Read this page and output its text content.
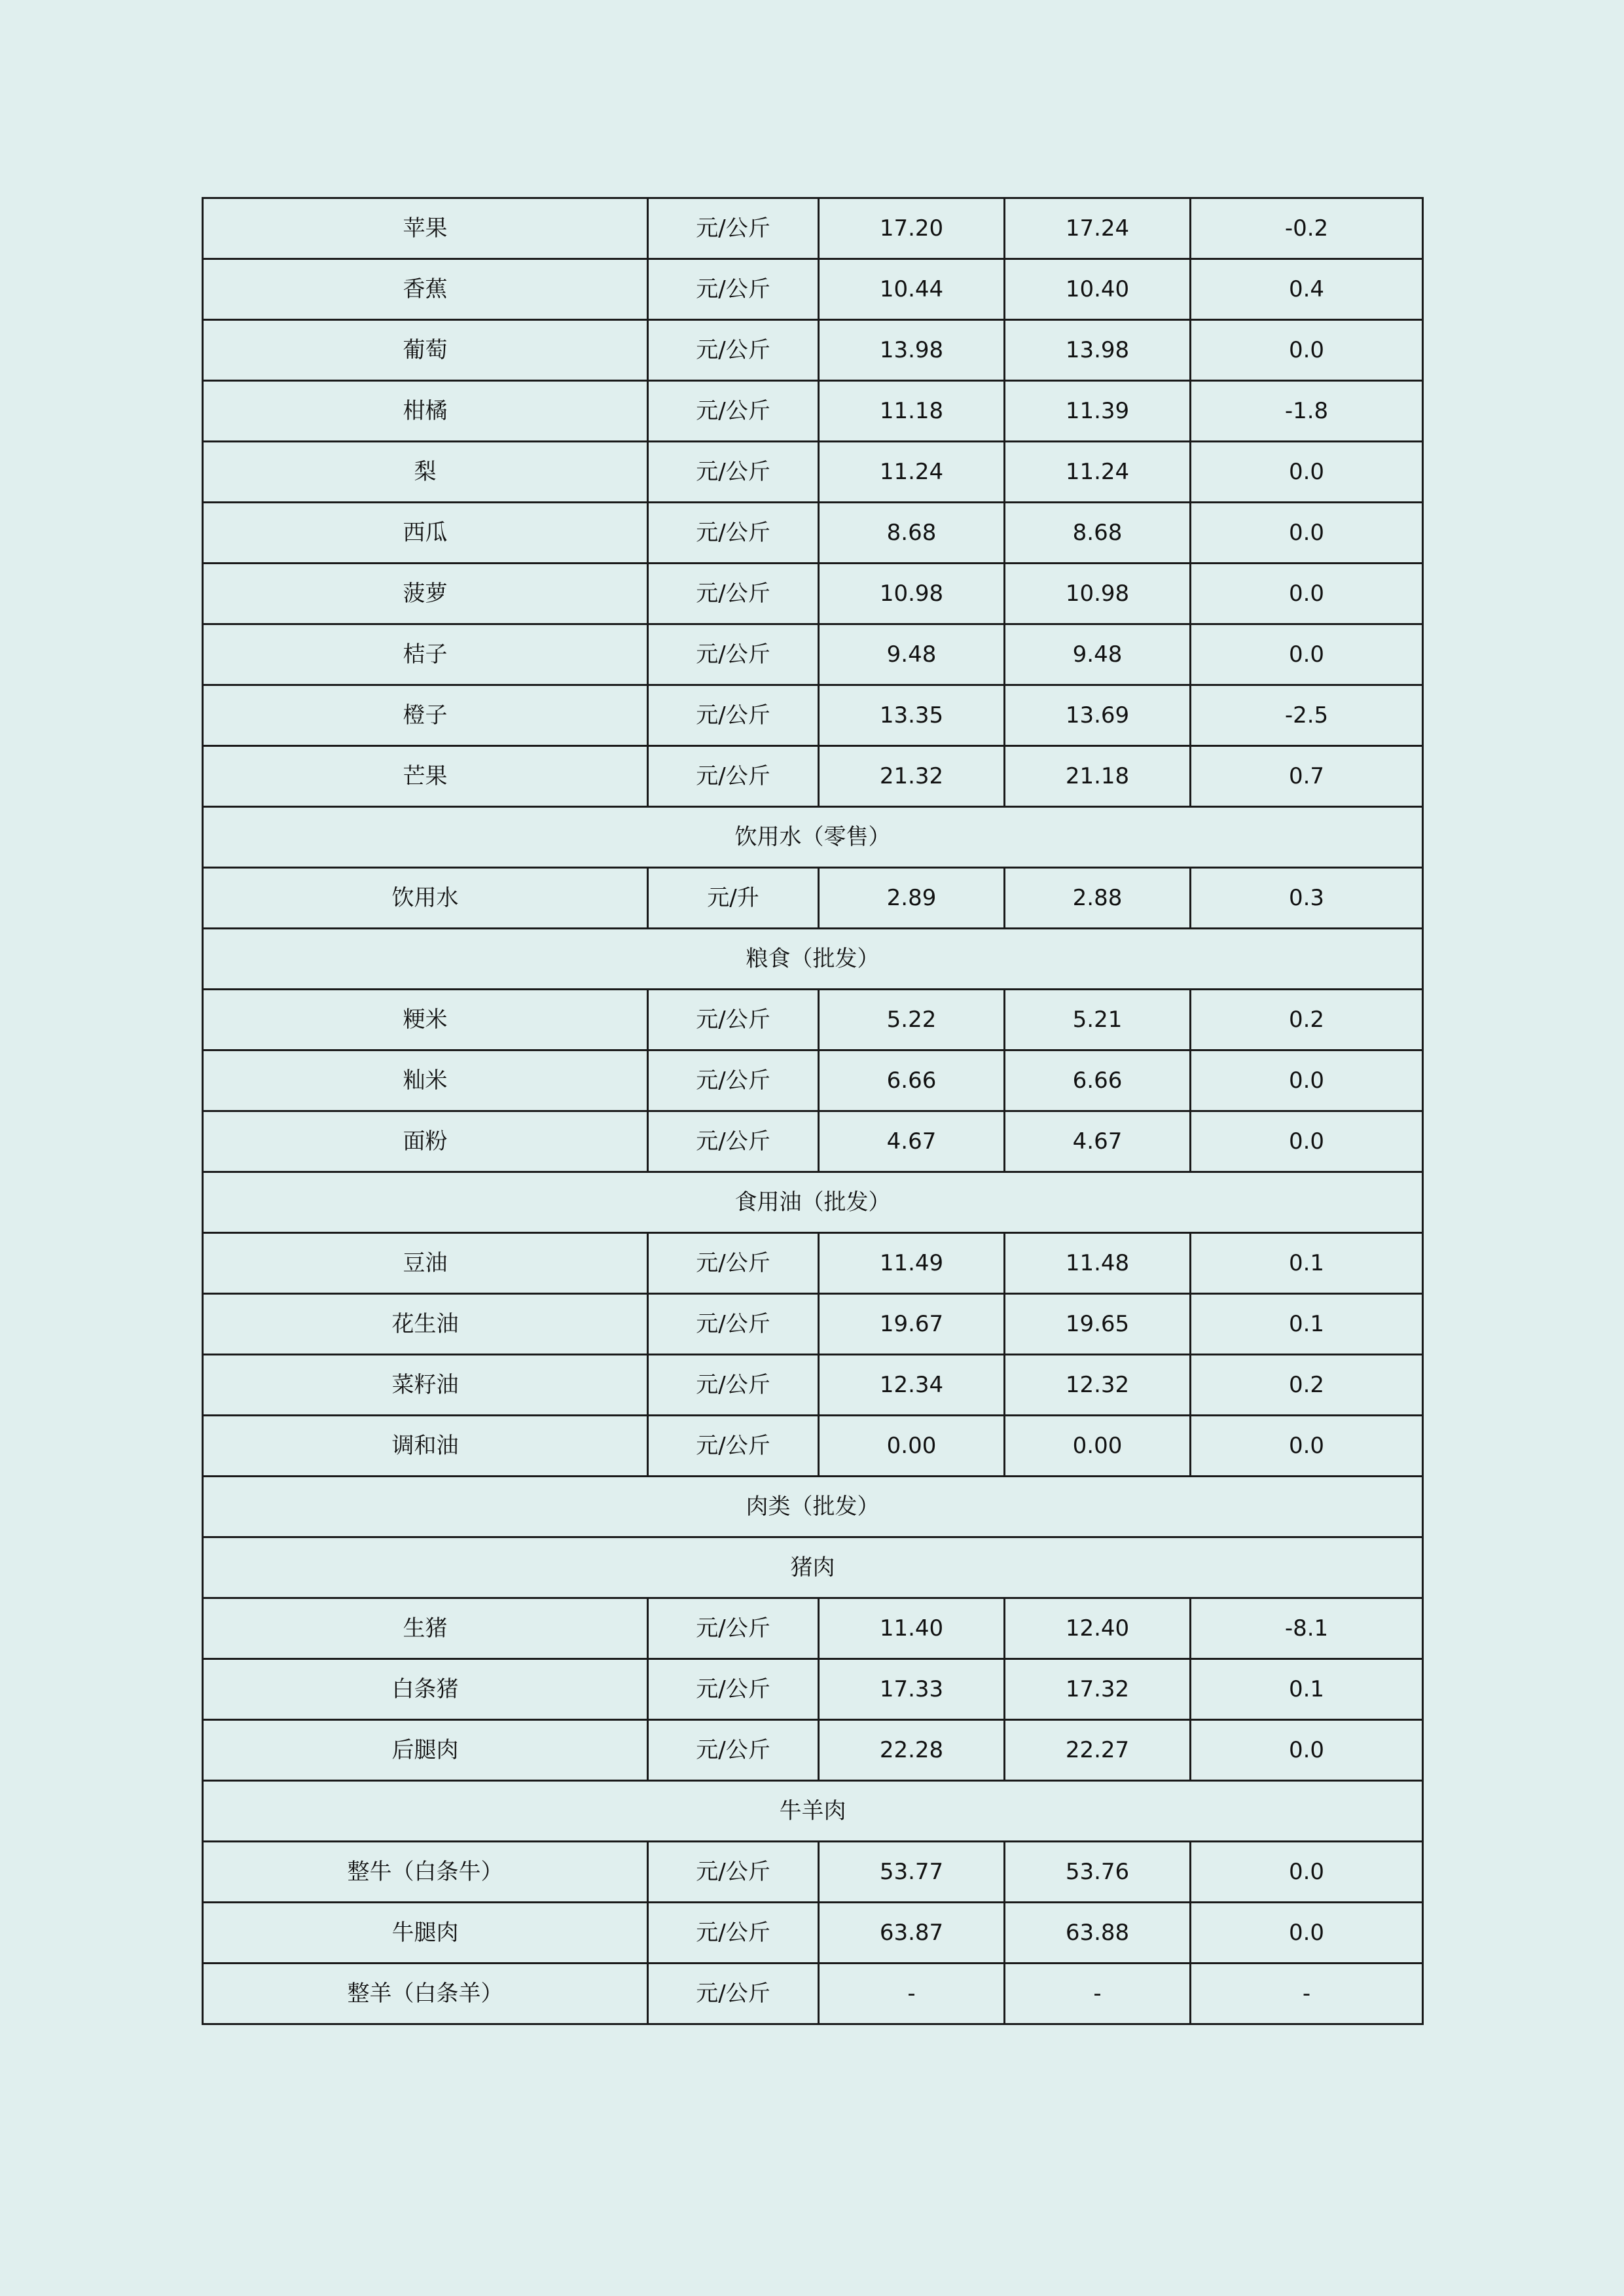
苹果	元/公斤	17.20	17.24	-0.2
香蕉	元/公斤	10.44	10.40	0.4
葡萄	元/公斤	13.98	13.98	0.0
柑橘	元/公斤	11.18	11.39	-1.8
梨	元/公斤	11.24	11.24	0.0
西瓜	元/公斤	8.68	8.68	0.0
菠萝	元/公斤	10.98	10.98	0.0
桔子	元/公斤	9.48	9.48	0.0
橙子	元/公斤	13.35	13.69	-2.5
芒果	元/公斤	21.32	21.18	0.7
饮用水（零售）				
饮用水	元/升	2.89	2.88	0.3
粮食（批发）				
粳米	元/公斤	5.22	5.21	0.2
籼米	元/公斤	6.66	6.66	0.0
面粉	元/公斤	4.67	4.67	0.0
食用油（批发）				
豆油	元/公斤	11.49	11.48	0.1
花生油	元/公斤	19.67	19.65	0.1
菜籽油	元/公斤	12.34	12.32	0.2
调和油	元/公斤	0.00	0.00	0.0
肉类（批发）				
猪肉				
生猪	元/公斤	11.40	12.40	-8.1
白条猪	元/公斤	17.33	17.32	0.1
后腿肉	元/公斤	22.28	22.27	0.0
牛羊肉				
整牛（白条牛）	元/公斤	53.77	53.76	0.0
牛腿肉	元/公斤	63.87	63.88	0.0
整羊（白条羊）	元/公斤	-	-	-
